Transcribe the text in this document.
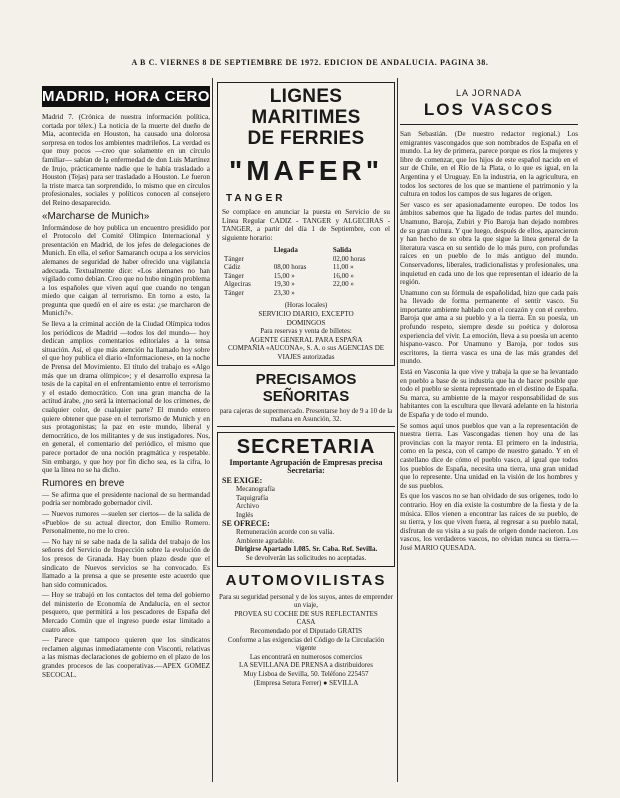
A B C. VIERNES 8 DE SEPTIEMBRE DE 1972. EDICION DE ANDALUCIA. PAGINA 38.
MADRID, HORA CERO

Madrid 7. (Crónica de nuestra información política, cortada por télex.) La noticia de la muerte del dueño de Mia, acontecida en Houston, ha causado una dolorosa sorpresa en todos los ambientes madrileños. La verdad es que muy pocos —creo que solamente en un círculo familiar— sabían de la enfermedad de don Luis Martínez de Irujo, prácticamente nadie que le había trasladado a Houston (Tejas) para ser trasladado a Houston. Le fueron la triste marca tan sorprendido, lo mismo que en círculos profesionales, sociales y políticos conocen al consejero del Reino desaparecido.

«Marcharse de Munich»

Informándose de hoy publica un encuentro presidido por el Protocolo del Comité Olímpico Internacional y presentación en Madrid, de los jefes de delegaciones de Munich. En ella, el señor Samaranch ocupa a los servicios alemanes de seguridad de haber ofrecido una vigilancia adecuada. Textualmente dice: «Los alemanes no han vigilado como debían. Creo que no hubo ningún problema a los españoles que viven aquí que cuando no tengan miedo que caigan al terrorismo. En torno a esto, la pregunta que quedó en el aire es esta: ¿se marcharon de Munich?».

Se lleva a la criminal acción de la Ciudad Olímpica todos los periódicos de Madrid —todos los del mundo— hoy dedican amplios comentarios editoriales a la tensa situación. Así, el que más atención ha llamado hoy sobre el que hoy publica el diario «Informaciones», en la noche de Prensa del Movimiento. El título del trabajo es «Algo más que un drama olímpico»; y el desarrollo expresa la tesis de la capital en el enfrentamiento entre el terrorismo y el estado democrático. Con una gran mancha de la actitud árabe, ¿no será la internacional de los crímenes, de cualquier color, de cualquier parte? El mundo entero quiere obtener que pase en el terrorismo de Munich y en sus protagonistas; la paz en este mundo, liberal y democrático, de los militantes y de sus instigadores. Nos, en general, el comentario del periódico, el mismo que parece portador de una noción pragmática y respetable. Sin embargo, y que hoy por fin dicho sea, es la cifra, lo que la línea no se ha dicho.

Rumores en breve

— Se afirma que el presidente nacional de su hermandad podría ser nombrado gobernador civil.

— Nuevos rumores —suelen ser ciertos— de la salida de «Pueblo» de su actual director, don Emilio Romero. Personalmente, no me lo creo.

— No hay ni se sabe nada de la salida del trabajo de los señores del Servicio de Inspección sobre la evolución de los presos de Granada. Hay buen plazo desde que el sindicato de Nuevos servicios se ha convocado. Es llamado a la prensa a que se presente este acuerdo que han sido comunicados.

— Hoy se trabajó en los contactos del tema del gobierno del ministerio de Economía de Andalucía, en el sector pesquero, que permitirá a los pescadores de España del Mercado Común que el ingreso puede estar limitado a cuatro años.

— Parece que tampoco quieren que los sindicatos reclamen algunas inmediatamente con Visconti, relativas a las mismas declaraciones de gobierno en el plazo de los grandes procesos de las cooperativas.—APEX GOMEZ SECOCAL.

LIGNES MARITIMES
DE FERRIES
"MAFER"
TANGER

Se complace en anunciar la puesta en Servicio de su Línea Regular CADIZ - TANGER y ALGECIRAS - TANGER, a partir del día 1 de Septiembre, con el siguiente horario:

	Llegada	Salida
Tánger		02,00 horas
Cádiz	08,00 horas	11,00 »
Tánger	15,00 »	16,00 »
Algeciras	19,30 »	22,00 »
Tánger	23,30 »	
(Horas locales)
SERVICIO DIARIO, EXCEPTO
DOMINGOS
Para reservas y venta de billetes:
AGENTE GENERAL PARA ESPAÑA
COMPAÑIA «AUCONA», S. A. o sus AGENCIAS DE VIAJES autorizadas
PRECISAMOS SEÑORITAS
para cajeras de supermercado. Presentarse hoy de 9 a 10 de la mañana en Asunción, 32.
SECRETARIA
Importante Agrupación de Empresas precisa Secretaria:
SE EXIGE:
Mecanografía
Taquigrafía
Archivo
Inglés
SE OFRECE:
Remuneración acorde con su valía.
Ambiente agradable.
Dirigirse Apartado 1.085. Sr. Caba. Ref. Sevilla.
Se devolverán las solicitudes no aceptadas.
AUTOMOVILISTAS
Para su seguridad personal y de los suyos, antes de emprender un viaje,
PROVEA SU COCHE DE SUS REFLECTANTES
CASA
Recomendado por el Diputado GRATIS
Conforme a las exigencias del Código de la Circulación vigente
Las encontrará en numerosos comercios
LA SEVILLANA DE PRENSA a distribuidores
Muy Lisboa de Sevilla, 50. Teléfono 225457
(Empresa Setura Ferrer) ● SEVILLA
LA JORNADA
LOS VASCOS

San Sebastián. (De nuestro redactor regional.) Los emigrantes vascongados que son nombrados de España en el mundo. La ley de primera, parece porque es ríos la mujeres y libre de comenzar, que los hijos de este español nacido en el sur de Chile, en el Río de la Plata, o lo que es igual, en la Argentina y el Uruguay. En la industria, en la agricultura, en todos los sectores de los que se mantiene el patrimonio y la cultura en todos los campos de sus lugares de origen.

Ser vasco es ser apasionadamente europeo. De todos los ámbitos sabemos que ha ligado de todas partes del mundo. Unamuno, Baroja, Zubiri y Pío Baroja han dejado nombres de su gran cultura. Y que luego, después de ellos, aparecieron y han hecho de su obra la que sigue la línea general de la literatura vasca en su sentido de lo más puro, con profundas raíces en un pueblo de lo más antiguo del mundo. Conservadores, liberales, tradicionalistas y profesionales, una inquietud en cada uno de los que representan el ideario de la región.

Unamuno con su fórmula de españolidad, hizo que cada país ha llevado de forma permanente el sentir vasco. Su importante ambiente hablado con el corazón y con el cerebro. Baroja que ama a su pueblo y a la tierra. En su poesía, un profundo respeto, siempre desde su poética y dolorosa experiencia del vivir. La emoción, lleva a su poesía un acento hispano-vasco. Por Unamuno y Baroja, por todos sus escritores, la tierra vasca es una de las más grandes del mundo.

Está en Vasconia la que vive y trabaja la que se ha levantado en pueblo a base de su industria que ha de hacer posible que todo el pueblo se sienta representado en el destino de España. Su marca, su ambiente de la mayor responsabilidad de sus habitantes con la escultura que llevará adelante en la historia de España y de todo el mundo.

Se somos aquí unos pueblos que van a la representación de nuestra tierra. Las Vascongadas tienen hoy una de las provincias con la mayor renta. El primero en la industria, como en la pesca, con el campo de nuestro ganado. Y en el castellano dice de cómo el pueblo vasco, al igual que todos los pueblos de España, necesita una tierra, una gran unidad que lo represente. Una unidad en la visión de los hombres y de sus pueblos.

Es que los vascos no se han olvidado de sus orígenes, todo lo contrario. Hoy en día existe la costumbre de la fiesta y de la música. Ellos vienen a encontrar las raíces de su pueblo, de su tierra, y los que viven fuera, al regresar a su pueblo natal, disfrutan de su visita a su país de origen donde nacieron. Los vascos, los verdaderos vascos, no olvidan nunca su tierra.—José MARIO QUESADA.
